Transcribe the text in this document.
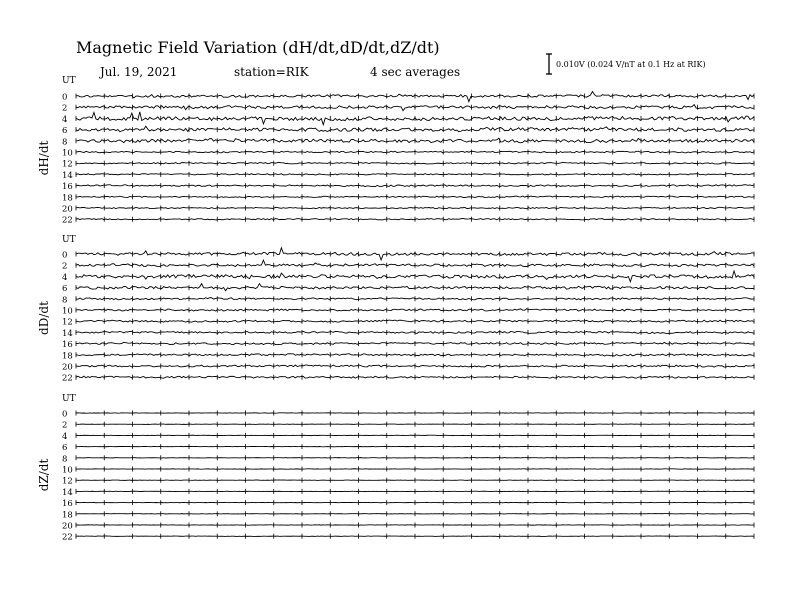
Magnetic Field Variation (dH/dt,dD/dt,dZ/dt)
Jul. 19, 2021	station=RIK	4 sec averages
0.010V (0.024 V/nT at 0.1 Hz at RIK)
UT
dH/dt
0
2
4
6
8
10
12
14
16
18
20
22
UT
dD/dt
0
2
4
6
8
10
12
14
16
18
20
22
UT
dZ/dt
0
2
4
6
8
10
12
14
16
18
20
22
